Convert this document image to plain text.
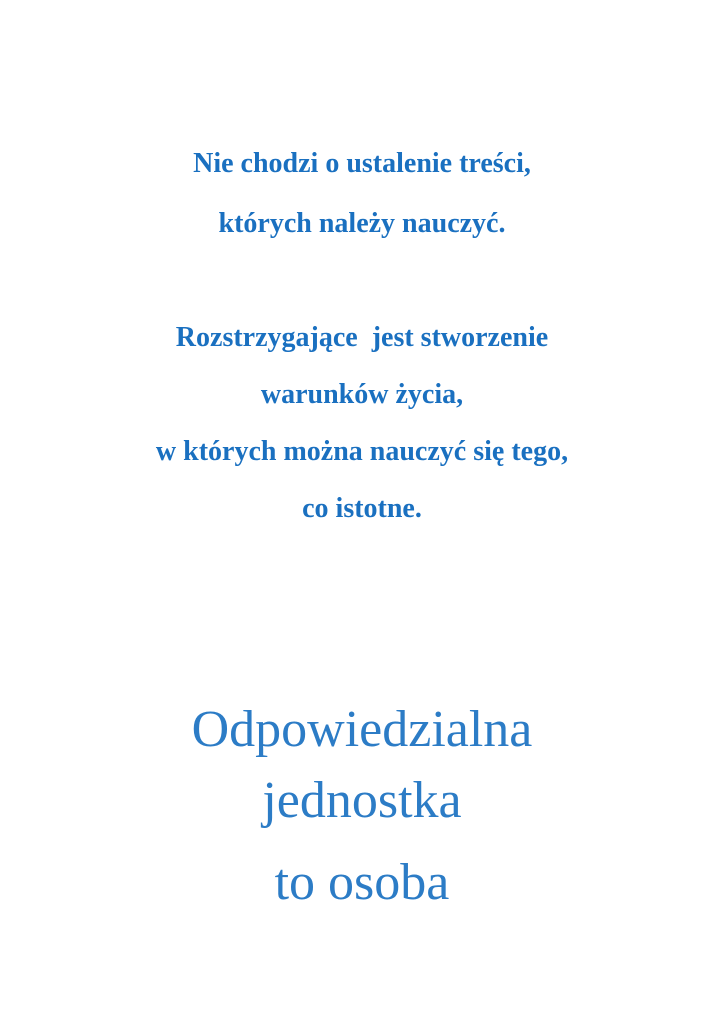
Nie chodzi o ustalenie treści,

których należy nauczyć.

Rozstrzygające  jest stworzenie

warunków życia,

w których można nauczyć się tego,

co istotne.

Odpowiedzialna

jednostka

to osoba
